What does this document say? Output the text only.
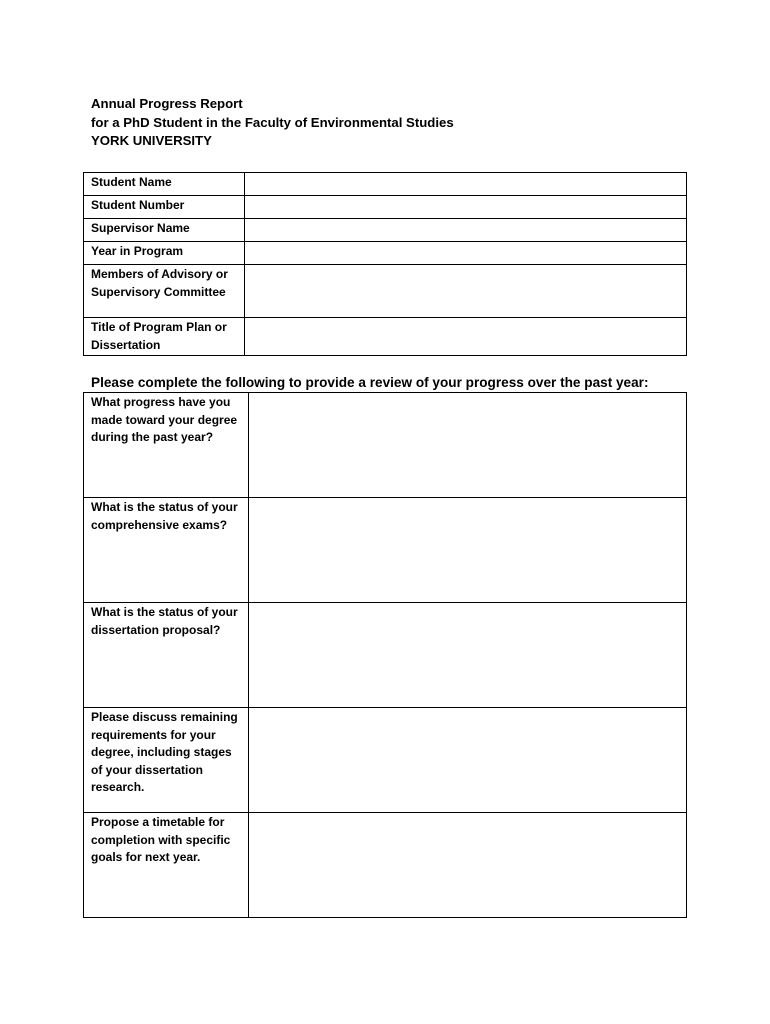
Annual Progress Report
for a PhD Student in the Faculty of Environmental Studies
YORK UNIVERSITY
Student Name	
Student Number	
Supervisor Name	
Year in Program	
Members of Advisory or Supervisory Committee	
Title of Program Plan or Dissertation	
Please complete the following to provide a review of your progress over the past year:
What progress have you made toward your degree during the past year?	
What is the status of your comprehensive exams?	
What is the status of your dissertation proposal?	
Please discuss remaining requirements for your degree, including stages of your dissertation research.	
Propose a timetable for completion with specific goals for next year.	
